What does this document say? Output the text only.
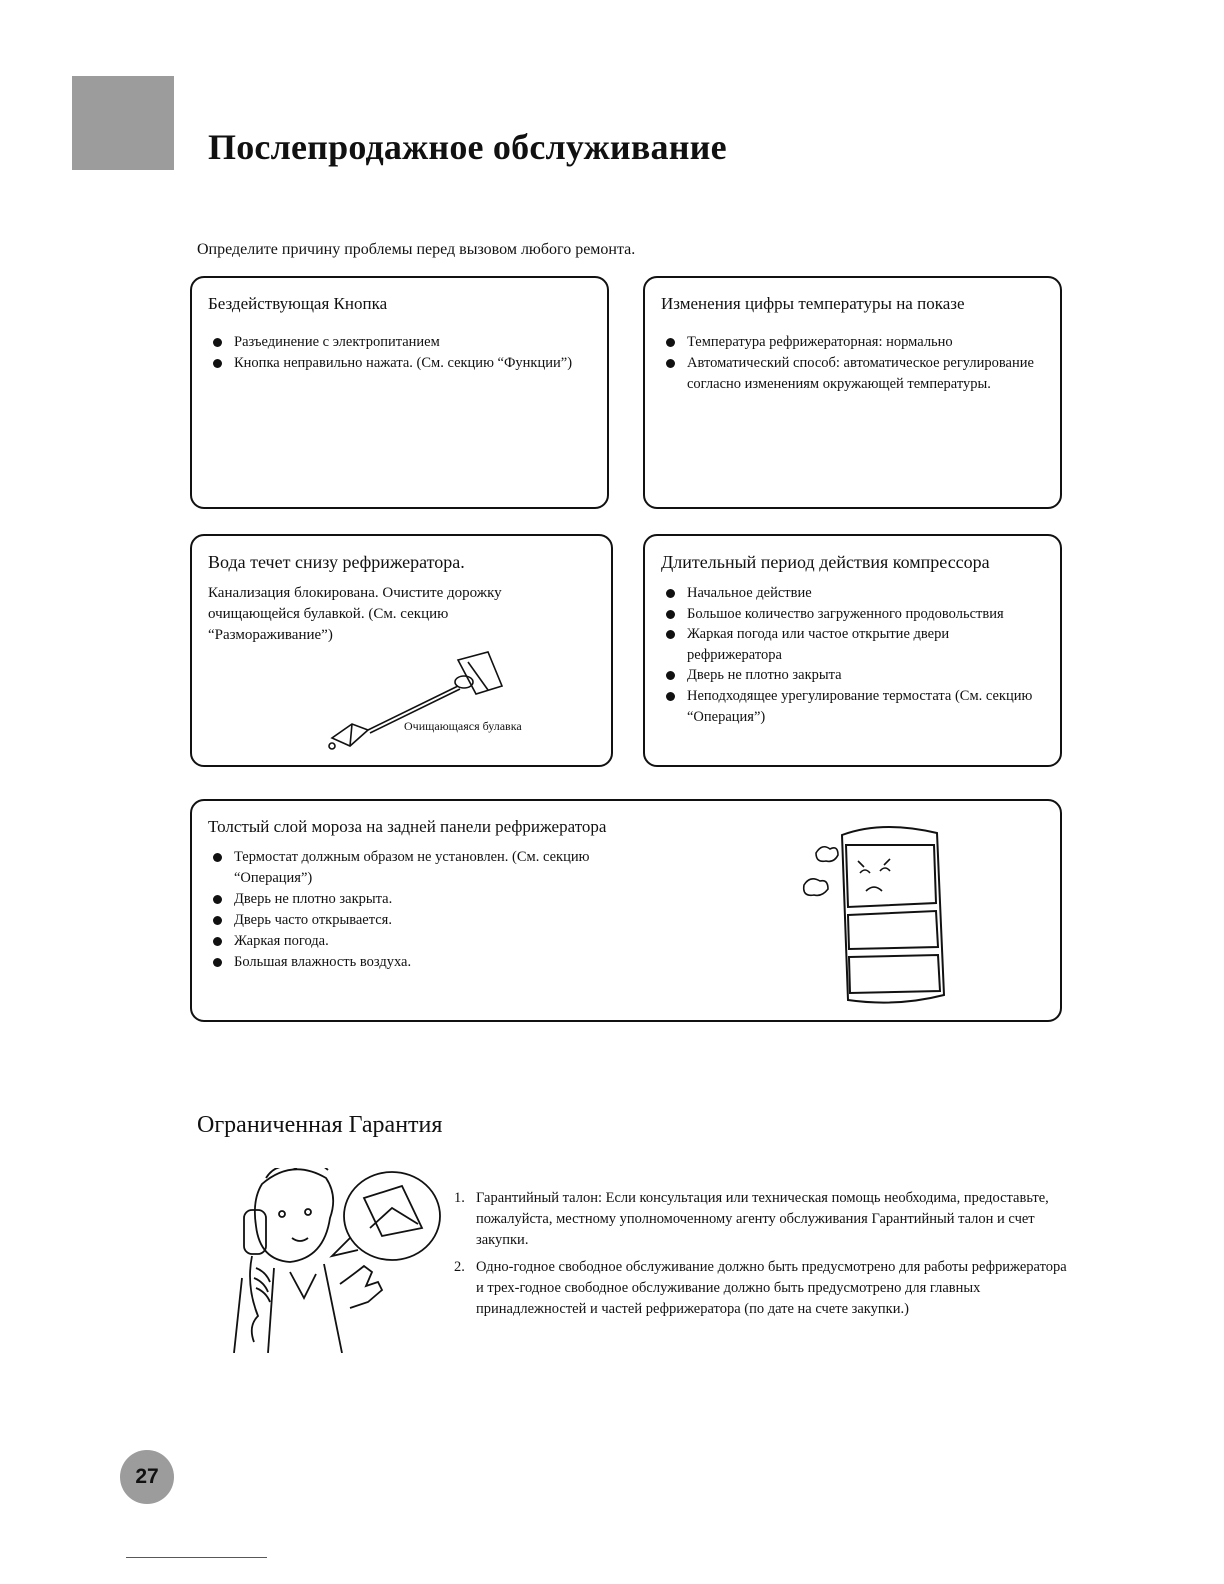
Послепродажное обслуживание
Определите причину проблемы перед вызовом любого ремонта.
Бездействующая Кнопка
Разъединение с электропитанием
Кнопка неправильно нажата. (См. секцию “Функции”)
Изменения цифры температуры на показе
Температура рефрижераторная: нормально
Автоматический способ: автоматическое регулирование согласно изменениям окружающей температуры.
Вода течет снизу рефрижератора.

Канализация блокирована. Очистите дорожку очищающейся булавкой. (См. секцию “Размораживание”)

Очищающаяся булавка
Длительный период действия компрессора
Начальное действие
Большое количество загруженного продовольствия
Жаркая погода или частое открытие двери рефрижератора
Дверь не плотно закрыта
Неподходящее урегулирование термостата (См. секцию “Операция”)
Толстый слой мороза на задней панели рефрижератора
Термостат должным образом не установлен. (См. секцию “Операция”)
Дверь не плотно закрыта.
Дверь часто открывается.
Жаркая погода.
Большая влажность воздуха.
Ограниченная Гарантия
1. Гарантийный талон: Если консультация или техническая помощь необходима, предоставьте, пожалуйста, местному уполномоченному агенту обслуживания Гарантийный талон и счет закупки.
2. Одно-годное свободное обслуживание должно быть предусмотрено для работы рефрижератора и трех-годное свободное обслуживание должно быть предусмотрено для главных принадлежностей и частей рефрижератора (по дате на счете закупки.)
27
